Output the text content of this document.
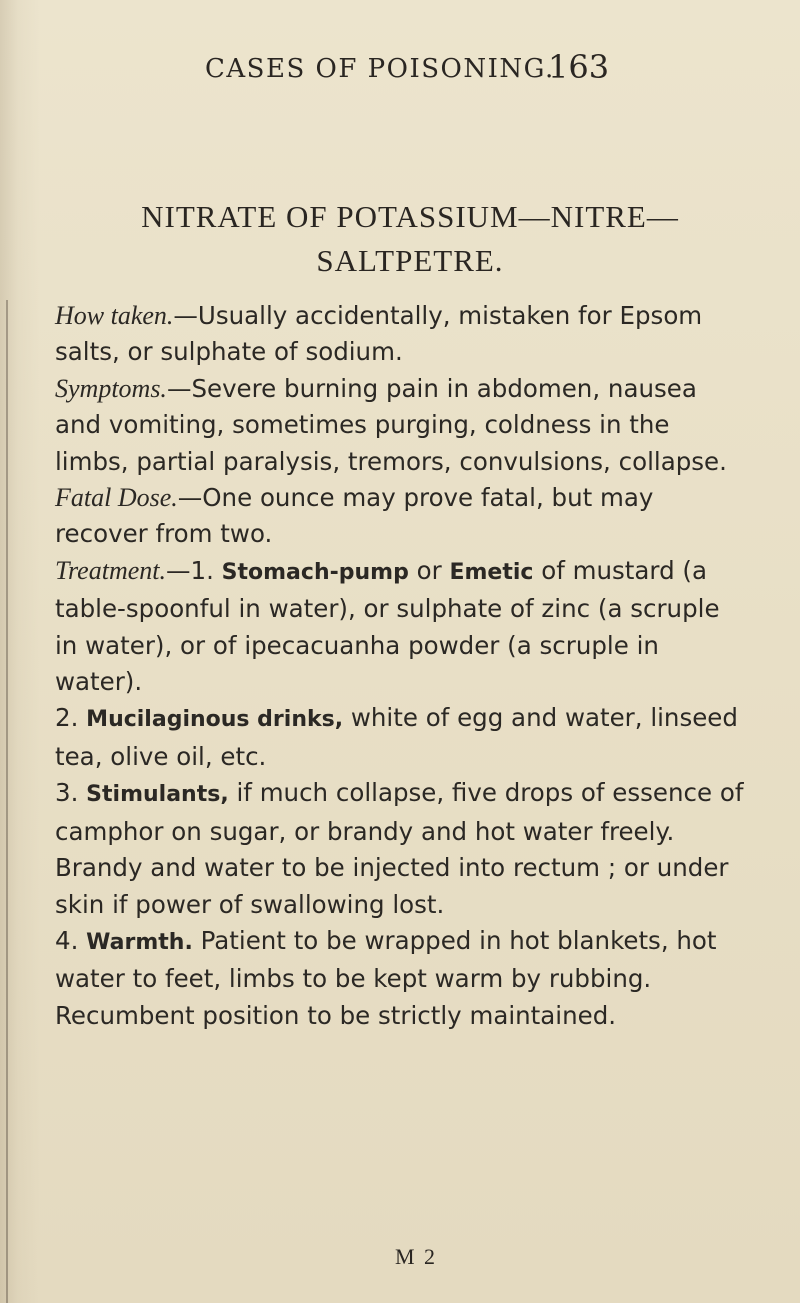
CASES OF POISONING.
163
NITRATE OF POTASSIUM—NITRE—
SALTPETRE.

How taken.—Usually accidentally, mistaken for Epsom salts, or sulphate of sodium.

Symptoms.—Severe burning pain in abdomen, nausea and vomiting, sometimes purging, coldness in the limbs, partial paralysis, tremors, convulsions, collapse.

Fatal Dose.—One ounce may prove fatal, but may recover from two.

Treatment.—1. Stomach-pump or Emetic of mustard (a table-spoonful in water), or sulphate of zinc (a scruple in water), or of ipecacuanha powder (a scruple in water).

2. Mucilaginous drinks, white of egg and water, linseed tea, olive oil, etc.

3. Stimulants, if much collapse, five drops of essence of camphor on sugar, or brandy and hot water freely. Brandy and water to be injected into rectum ; or under skin if power of swallowing lost.

4. Warmth. Patient to be wrapped in hot blankets, hot water to feet, limbs to be kept warm by rubbing. Recumbent position to be strictly maintained.

M 2
